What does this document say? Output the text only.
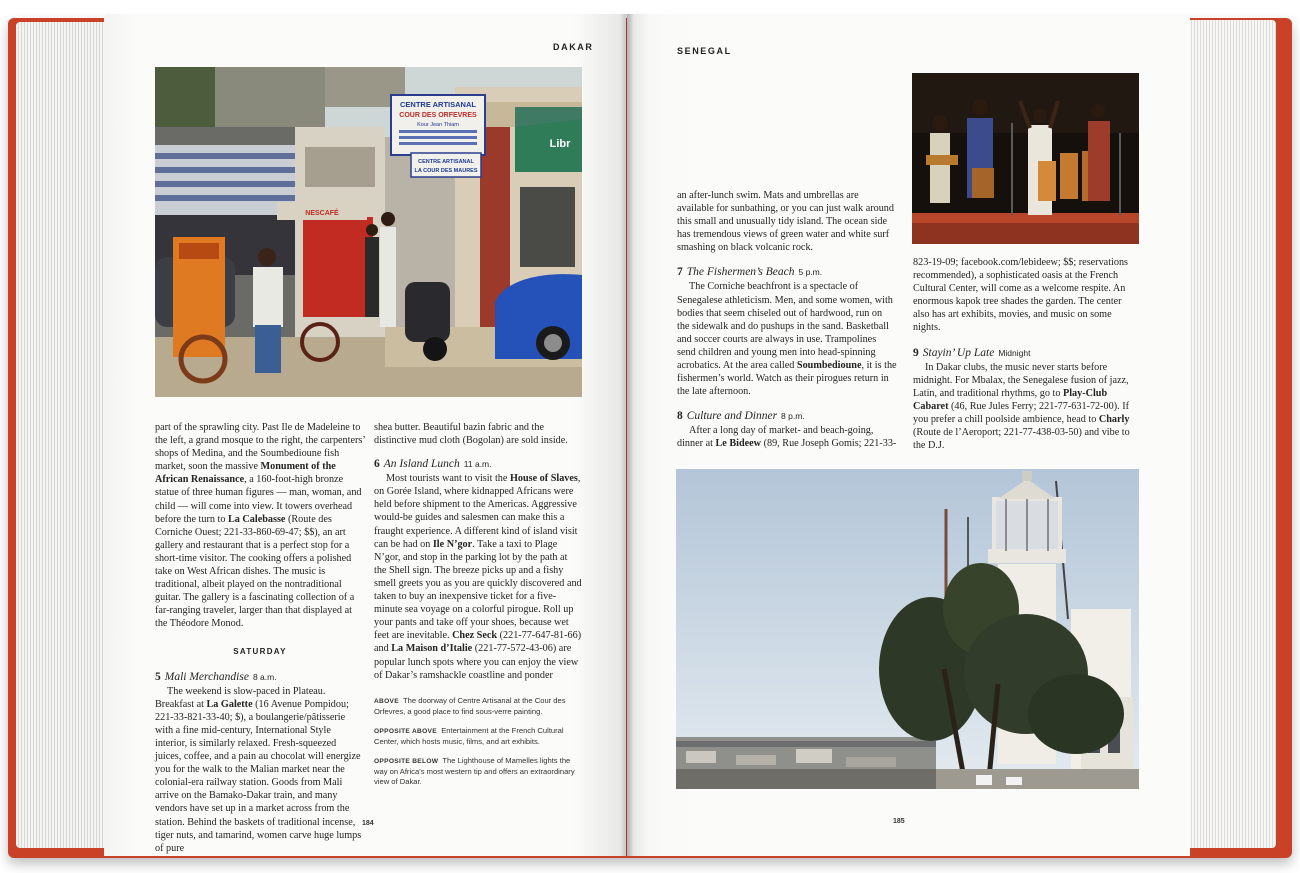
DAKAR
CENTRE ARTISANAL
COUR DES ORFEVRES
Kour Jean Thiam
CENTRE ARTISANAL
LA COUR DES MAURES
Libr
NESCAFÉ

part of the sprawling city. Past Ile de Madeleine to the left, a grand mosque to the right, the carpenters’ shops of Medina, and the Soumbedioune fish market, soon the massive Monument of the African Renaissance, a 160-foot-high bronze statue of three human figures — man, woman, and child — will come into view. It towers overhead before the turn to La Calebasse (Route des Corniche Ouest; 221-33-860-69-47; $$), an art gallery and restaurant that is a perfect stop for a short-time visitor. The cooking offers a polished take on West African dishes. The music is traditional, albeit played on the nontraditional guitar. The gallery is a fascinating collection of a far-ranging traveler, larger than that displayed at the Théodore Monod.

SATURDAY
5 Mali Merchandise 8 a.m.

The weekend is slow-paced in Plateau. Breakfast at La Galette (16 Avenue Pompidou; 221-33-821-33-40; $), a boulangerie/pâtisserie with a fine mid-century, International Style interior, is similarly relaxed. Fresh-squeezed juices, coffee, and a pain au chocolat will energize you for the walk to the Malian market near the colonial-era railway station. Goods from Mali arrive on the Bamako-Dakar train, and many vendors have set up in a market across from the station. Behind the baskets of traditional incense, tiger nuts, and tamarind, women carve huge lumps of pure

shea butter. Beautiful bazin fabric and the distinctive mud cloth (Bogolan) are sold inside.

6 An Island Lunch 11 a.m.

Most tourists want to visit the House of Slaves, on Gorée Island, where kidnapped Africans were held before shipment to the Americas. Aggressive would-be guides and salesmen can make this a fraught experience. A different kind of island visit can be had on Ile N’gor. Take a taxi to Plage N’gor, and stop in the parking lot by the path at the Shell sign. The breeze picks up and a fishy smell greets you as you are quickly discovered and taken to buy an inexpensive ticket for a five-minute sea voyage on a colorful pirogue. Roll up your pants and take off your shoes, because wet feet are inevitable. Chez Seck (221-77-647-81-66) and La Maison d’Italie (221-77-572-43-06) are popular lunch spots where you can enjoy the view of Dakar’s ramshackle coastline and ponder

ABOVE The doorway of Centre Artisanal at the Cour des Orfevres, a good place to find sous-verre painting.
OPPOSITE ABOVE Entertainment at the French Cultural Center, which hosts music, films, and art exhibits.
OPPOSITE BELOW The Lighthouse of Mamelles lights the way on Africa’s most western tip and offers an extraordinary view of Dakar.
184
SENEGAL

an after-lunch swim. Mats and umbrellas are available for sunbathing, or you can just walk around this small and unusually tidy island. The ocean side has tremendous views of green water and white surf smashing on black volcanic rock.

7 The Fishermen’s Beach 5 p.m.

The Corniche beachfront is a spectacle of Senegalese athleticism. Men, and some women, with bodies that seem chiseled out of hardwood, run on the sidewalk and do pushups in the sand. Basketball and soccer courts are always in use. Trampolines send children and young men into head-spinning acrobatics. At the area called Soumbedioune, it is the fishermen’s world. Watch as their pirogues return in the late afternoon.

8 Culture and Dinner 8 p.m.

After a long day of market- and beach-going, dinner at Le Bideew (89, Rue Joseph Gomis; 221-33-

823-19-09; facebook.com/lebideew; $$; reservations recommended), a sophisticated oasis at the French Cultural Center, will come as a welcome respite. An enormous kapok tree shades the garden. The center also has art exhibits, movies, and music on some nights.

9 Stayin’ Up Late Midnight

In Dakar clubs, the music never starts before midnight. For Mbalax, the Senegalese fusion of jazz, Latin, and traditional rhythms, go to Play-Club Cabaret (46, Rue Jules Ferry; 221-77-631-72-00). If you prefer a chill poolside ambience, head to Charly (Route de l’Aeroport; 221-77-438-03-50) and vibe to the D.J.

185
